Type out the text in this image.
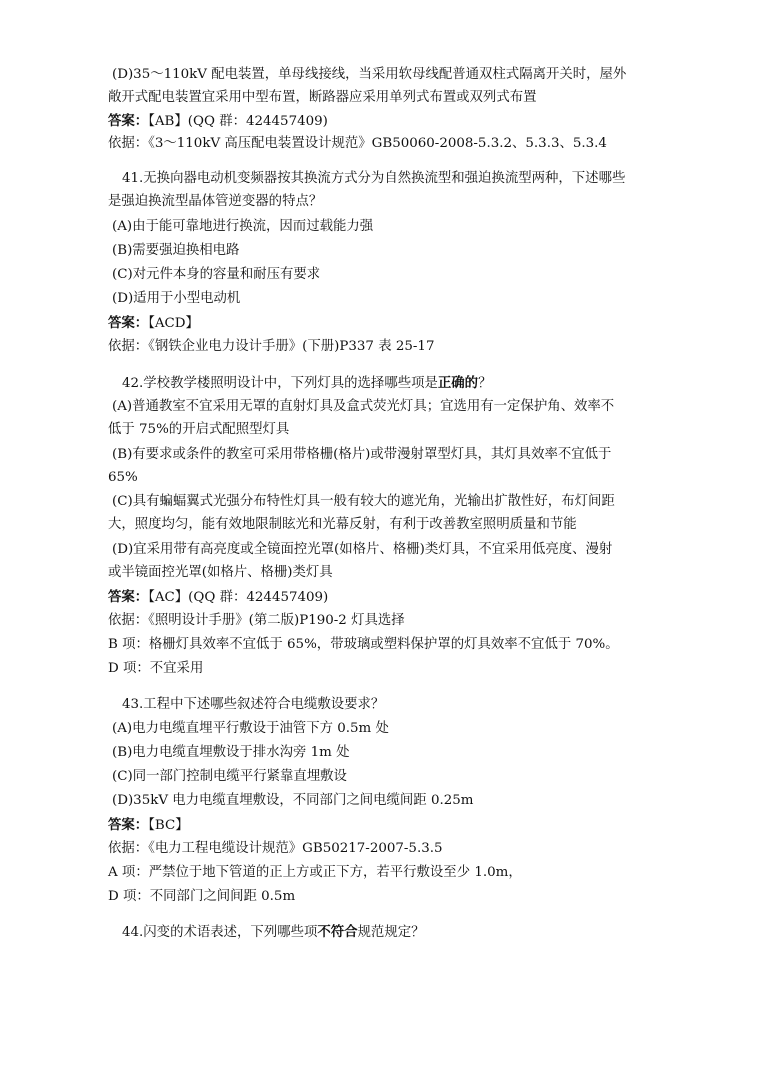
(D)35～110kV 配电装置，单母线接线，当采用软母线配普通双柱式隔离开关时，屋外
敞开式配电装置宜采用中型布置，断路器应采用单列式布置或双列式布置
答案：【AB】(QQ 群：424457409)
依据：《3～110kV 高压配电装置设计规范》GB50060-2008-5.3.2、5.3.3、5.3.4
41.无换向器电动机变频器按其换流方式分为自然换流型和强迫换流型两种，下述哪些
是强迫换流型晶体管逆变器的特点？
(A)由于能可靠地进行换流，因而过载能力强
(B)需要强迫换相电路
(C)对元件本身的容量和耐压有要求
(D)适用于小型电动机
答案：【ACD】
依据：《钢铁企业电力设计手册》(下册)P337 表 25-17
42.学校教学楼照明设计中，下列灯具的选择哪些项是正确的？
(A)普通教室不宜采用无罩的直射灯具及盒式荧光灯具；宜选用有一定保护角、效率不
低于 75%的开启式配照型灯具
(B)有要求或条件的教室可采用带格栅(格片)或带漫射罩型灯具，其灯具效率不宜低于
65%
(C)具有蝙蝠翼式光强分布特性灯具一般有较大的遮光角，光输出扩散性好，布灯间距
大，照度均匀，能有效地限制眩光和光幕反射，有利于改善教室照明质量和节能
(D)宜采用带有高亮度或全镜面控光罩(如格片、格栅)类灯具，不宜采用低亮度、漫射
或半镜面控光罩(如格片、格栅)类灯具
答案：【AC】(QQ 群：424457409)
依据：《照明设计手册》(第二版)P190-2 灯具选择
B 项：格栅灯具效率不宜低于 65%，带玻璃或塑料保护罩的灯具效率不宜低于 70%。
D 项：不宜采用
43.工程中下述哪些叙述符合电缆敷设要求？
(A)电力电缆直埋平行敷设于油管下方 0.5m 处
(B)电力电缆直埋敷设于排水沟旁 1m 处
(C)同一部门控制电缆平行紧靠直埋敷设
(D)35kV 电力电缆直埋敷设，不同部门之间电缆间距 0.25m
答案：【BC】
依据：《电力工程电缆设计规范》GB50217-2007-5.3.5
A 项：严禁位于地下管道的正上方或正下方，若平行敷设至少 1.0m，
D 项：不同部门之间间距 0.5m
44.闪变的术语表述，下列哪些项不符合规范规定？
